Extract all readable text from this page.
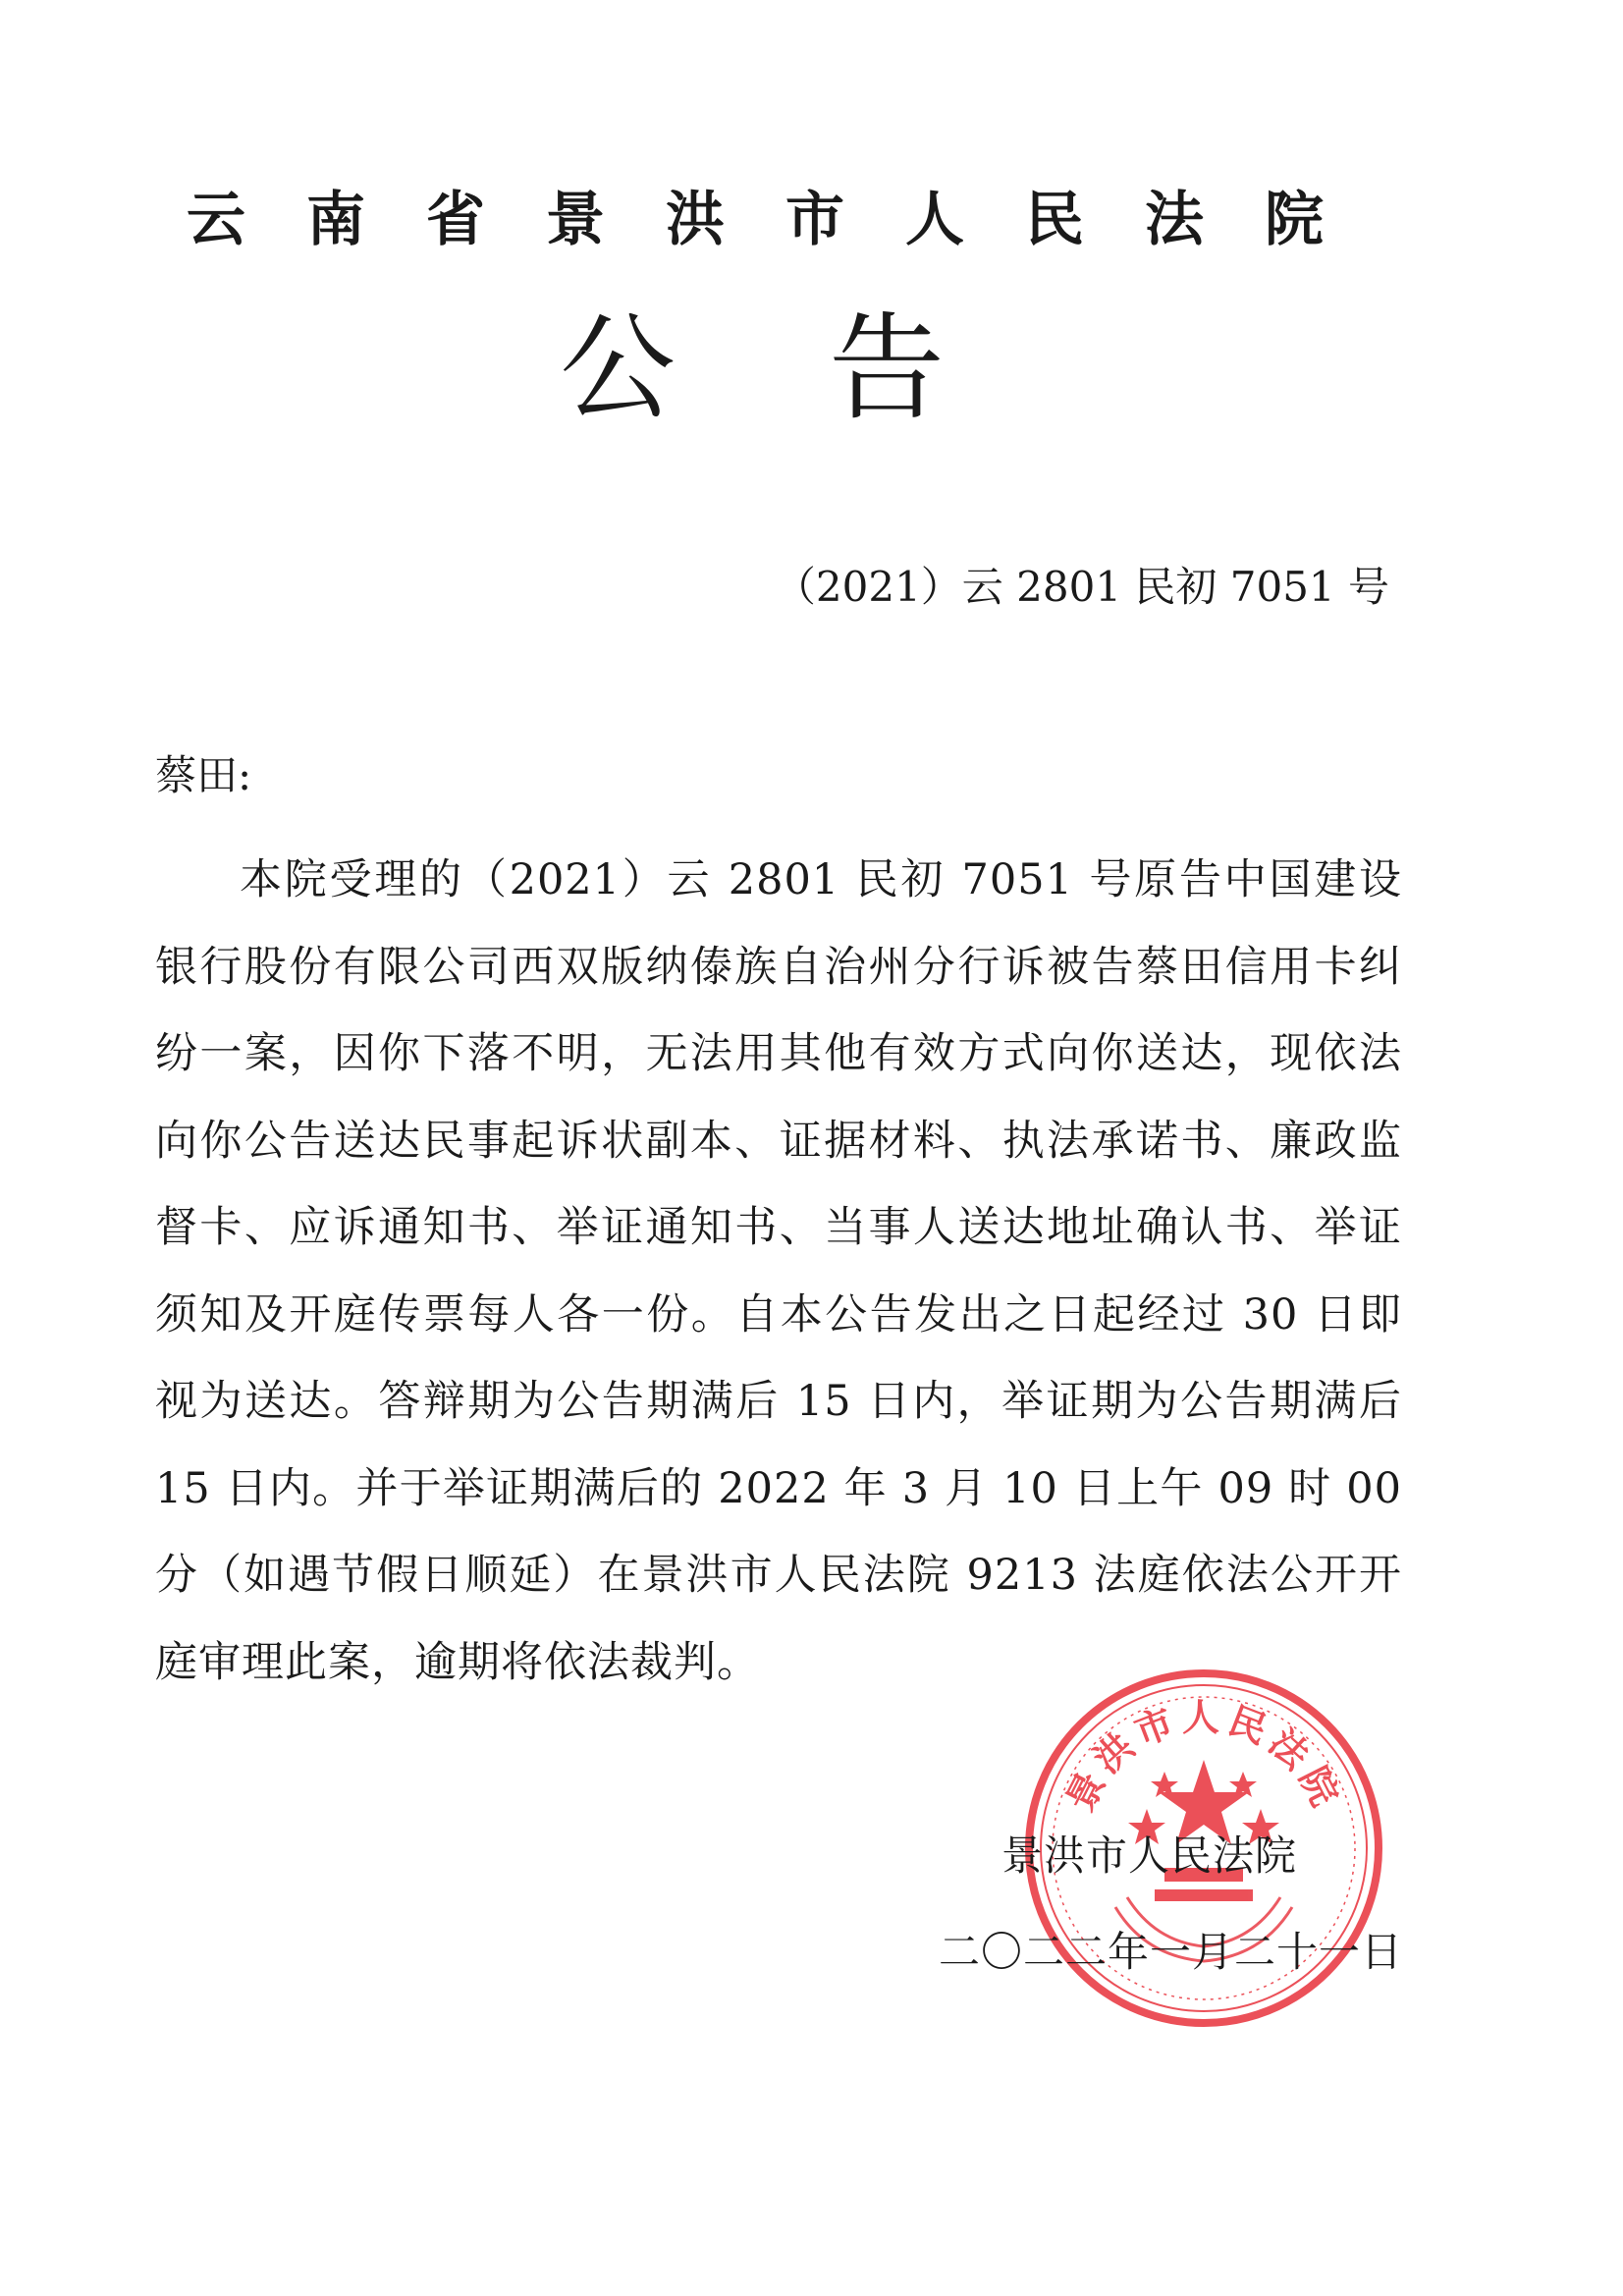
云南省景洪市人民法院
公告
（2021）云 2801 民初 7051 号
蔡田:

本院受理的（2021）云 2801 民初 7051 号原告中国建设银行股份有限公司西双版纳傣族自治州分行诉被告蔡田信用卡纠纷一案，因你下落不明，无法用其他有效方式向你送达，现依法向你公告送达民事起诉状副本、证据材料、执法承诺书、廉政监督卡、应诉通知书、举证通知书、当事人送达地址确认书、举证须知及开庭传票每人各一份。自本公告发出之日起经过 30 日即视为送达。答辩期为公告期满后 15 日内，举证期为公告期满后 15 日内。并于举证期满后的 2022 年 3 月 10 日上午 09 时 00 分（如遇节假日顺延）在景洪市人民法院 9213 法庭依法公开开庭审理此案，逾期将依法裁判。

景洪市人民法院
景洪市人民法院
二〇二二年一月二十一日
